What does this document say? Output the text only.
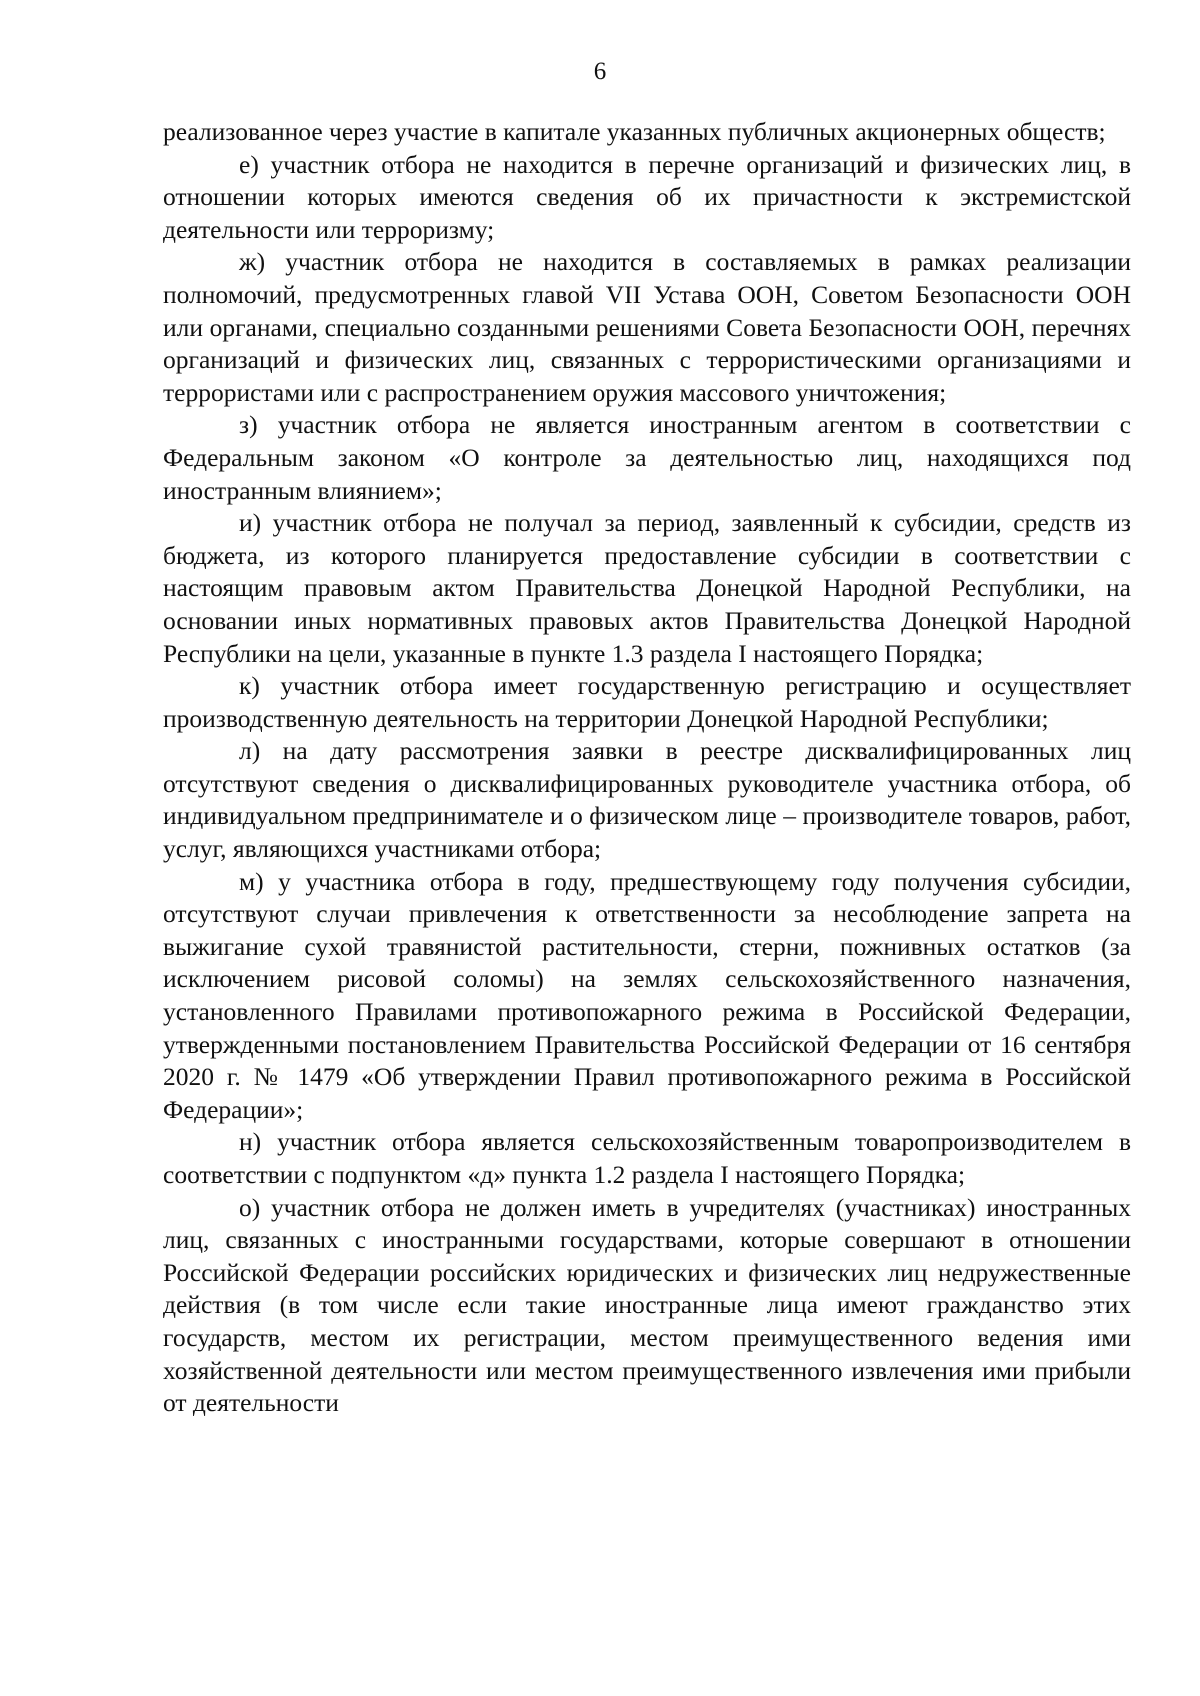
6

реализованное через участие в капитале указанных публичных акционерных обществ;

е) участник отбора не находится в перечне организаций и физических лиц, в отношении которых имеются сведения об их причастности к экстремистской деятельности или терроризму;

ж) участник отбора не находится в составляемых в рамках реализации полномочий, предусмотренных главой VII Устава ООН, Советом Безопасности ООН или органами, специально созданными решениями Совета Безопасности ООН, перечнях организаций и физических лиц, связанных с террористическими организациями и террористами или с распространением оружия массового уничтожения;

з) участник отбора не является иностранным агентом в соответствии с Федеральным законом «О контроле за деятельностью лиц, находящихся под иностранным влиянием»;

и) участник отбора не получал за период, заявленный к субсидии, средств из бюджета, из которого планируется предоставление субсидии в соответствии с настоящим правовым актом Правительства Донецкой Народной Республики, на основании иных нормативных правовых актов Правительства Донецкой Народной Республики на цели, указанные в пункте 1.3 раздела I настоящего Порядка;

к) участник отбора имеет государственную регистрацию и осуществляет производственную деятельность на территории Донецкой Народной Республики;

л) на дату рассмотрения заявки в реестре дисквалифицированных лиц отсутствуют сведения о дисквалифицированных руководителе участника отбора, об индивидуальном предпринимателе и о физическом лице – производителе товаров, работ, услуг, являющихся участниками отбора;

м) у участника отбора в году, предшествующему году получения субсидии, отсутствуют случаи привлечения к ответственности за несоблюдение запрета на выжигание сухой травянистой растительности, стерни, пожнивных остатков (за исключением рисовой соломы) на землях сельскохозяйственного назначения, установленного Правилами противопожарного режима в Российской Федерации, утвержденными постановлением Правительства Российской Федерации от 16 сентября 2020 г. № 1479 «Об утверждении Правил противопожарного режима в Российской Федерации»;

н) участник отбора является сельскохозяйственным товаропроизводителем в соответствии с подпунктом «д» пункта 1.2 раздела I настоящего Порядка;

о) участник отбора не должен иметь в учредителях (участниках) иностранных лиц, связанных с иностранными государствами, которые совершают в отношении Российской Федерации российских юридических и физических лиц недружественные действия (в том числе если такие иностранные лица имеют гражданство этих государств, местом их регистрации, местом преимущественного ведения ими хозяйственной деятельности или местом преимущественного извлечения ими прибыли от деятельности
